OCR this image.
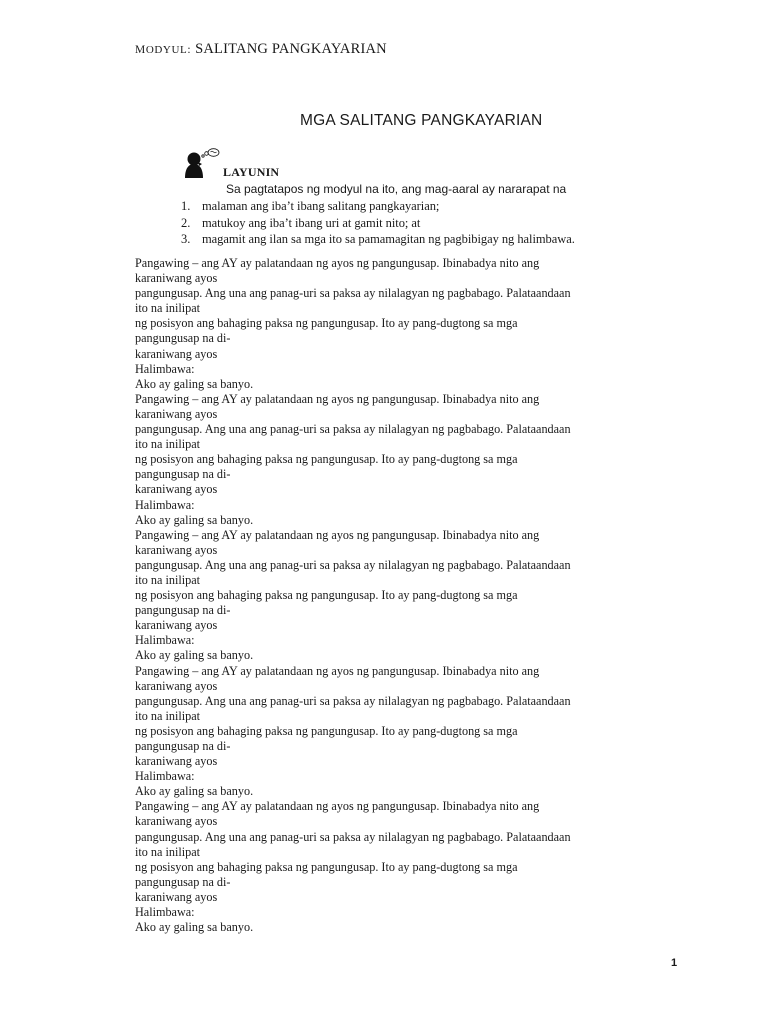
MODYUL: SALITANG PANGKAYARIAN
MGA SALITANG PANGKAYARIAN
LAYUNIN
Sa pagtatapos ng modyul na ito, ang mag-aaral ay nararapat na
1. malaman ang iba’t ibang salitang pangkayarian;
2. matukoy ang iba’t ibang uri at gamit nito; at
3. magamit ang ilan sa mga ito sa pamamagitan ng pagbibigay ng halimbawa.
Pangawing – ang AY ay palatandaan ng ayos ng pangungusap. Ibinabadya nito ang
karaniwang ayos
pangungusap. Ang una ang panag-uri sa paksa ay nilalagyan ng pagbabago. Palataandaan
ito na inilipat
ng posisyon ang bahaging paksa ng pangungusap. Ito ay pang-dugtong sa mga
pangungusap na di-
karaniwang ayos
Halimbawa:
Ako ay galing sa banyo.
Pangawing – ang AY ay palatandaan ng ayos ng pangungusap. Ibinabadya nito ang
karaniwang ayos
pangungusap. Ang una ang panag-uri sa paksa ay nilalagyan ng pagbabago. Palataandaan
ito na inilipat
ng posisyon ang bahaging paksa ng pangungusap. Ito ay pang-dugtong sa mga
pangungusap na di-
karaniwang ayos
Halimbawa:
Ako ay galing sa banyo.
Pangawing – ang AY ay palatandaan ng ayos ng pangungusap. Ibinabadya nito ang
karaniwang ayos
pangungusap. Ang una ang panag-uri sa paksa ay nilalagyan ng pagbabago. Palataandaan
ito na inilipat
ng posisyon ang bahaging paksa ng pangungusap. Ito ay pang-dugtong sa mga
pangungusap na di-
karaniwang ayos
Halimbawa:
Ako ay galing sa banyo.
Pangawing – ang AY ay palatandaan ng ayos ng pangungusap. Ibinabadya nito ang
karaniwang ayos
pangungusap. Ang una ang panag-uri sa paksa ay nilalagyan ng pagbabago. Palataandaan
ito na inilipat
ng posisyon ang bahaging paksa ng pangungusap. Ito ay pang-dugtong sa mga
pangungusap na di-
karaniwang ayos
Halimbawa:
Ako ay galing sa banyo.
Pangawing – ang AY ay palatandaan ng ayos ng pangungusap. Ibinabadya nito ang
karaniwang ayos
pangungusap. Ang una ang panag-uri sa paksa ay nilalagyan ng pagbabago. Palataandaan
ito na inilipat
ng posisyon ang bahaging paksa ng pangungusap. Ito ay pang-dugtong sa mga
pangungusap na di-
karaniwang ayos
Halimbawa:
Ako ay galing sa banyo.
1
